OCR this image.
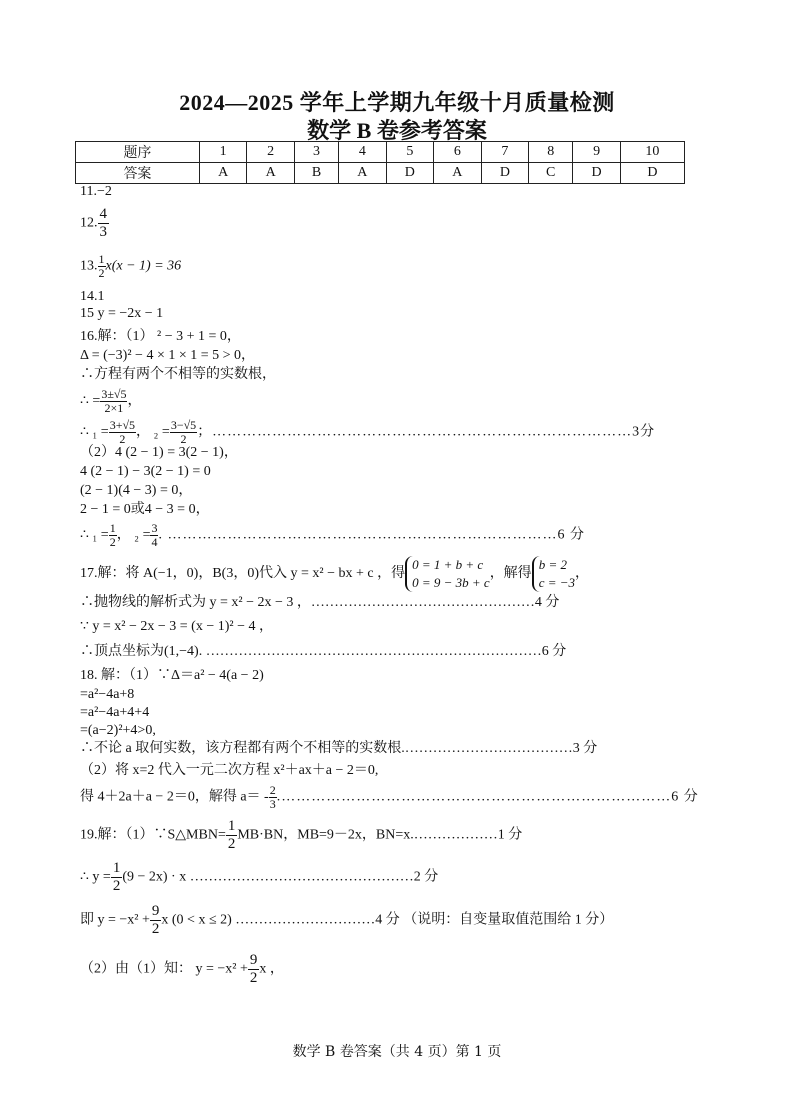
2024—2025 学年上学期九年级十月质量检测
数学 B 卷参考答案
题序	1	2	3	4	5	6	7	8	9	10
答案	A	A	B	A	D	A	D	C	D	D
11.−2
12. $\frac{4}{3}$
13. $\frac{1}{2} x(x - 1) = 36$
14.1
15 y = −2x − 1
16.解：（1） ² − 3 + 1 = 0，
Δ = (−3)² − 4 × 1 × 1 = 5 > 0，
∴方程有两个不相等的实数根，
∴ = $\frac{3\pm√5}{2\times 1}$ ，
∴ $_1 = \frac{3+√5}{2}$ ， $_2 = \frac{3-√5}{2}$ ；…………………………………………………………………………3分
（2）4 (2 − 1) = 3(2 − 1)，
4 (2 − 1) − 3(2 − 1) = 0
(2 − 1)(4 − 3) = 0，
2 − 1 = 0或4 − 3 = 0，
∴ $_1 = \frac{1}{2}$ ， $_2 = \frac{3}{4}$ . ……………………………………………………………………6 分
17.解：将 A(−1，0)，B(3，0)代入 y = x² − bx + c ，得
0 = 1 + b + c
0 = 9 − 3b + c
，解得
b = 2
c = −3
，
∴抛物线的解析式为 y = x² − 2x − 3 ，…………………………………………4 分
∵ y = x² − 2x − 3 = (x − 1)² − 4 ，
∴顶点坐标为(1,−4). ………………………………………………………………6 分
18. 解：（1）∵Δ＝a² − 4(a − 2)
=a²−4a+8
=a²−4a+4+4
=(a−2)²+4>0,
∴不论 a 取何实数，该方程都有两个不相等的实数根.………………………………3 分
（2）将 x=2 代入一元二次方程 x²＋ax＋a − 2＝0,
得 4＋2a＋a − 2＝0，解得 $a= - \frac{2}{3}$ .……………………………………………………………………6 分
19.解：（1）∵S△MBN= $\frac{1}{2} MB\cdot BN$，MB=9－2x，BN=x.………………1 分
∴ $y = \frac{1}{2} (9 - 2x) \cdot x$ …………………………………………2 分
即 $y = -x^2 + \frac{9}{2}$ x (0 < x ≤ 2) …………………………4 分 （说明：自变量取值范围给 1 分）
（2）由（1）知： $y = -x^2 + \frac{9}{2}$ x ，
数学 B 卷答案（共 4 页）第 1 页
